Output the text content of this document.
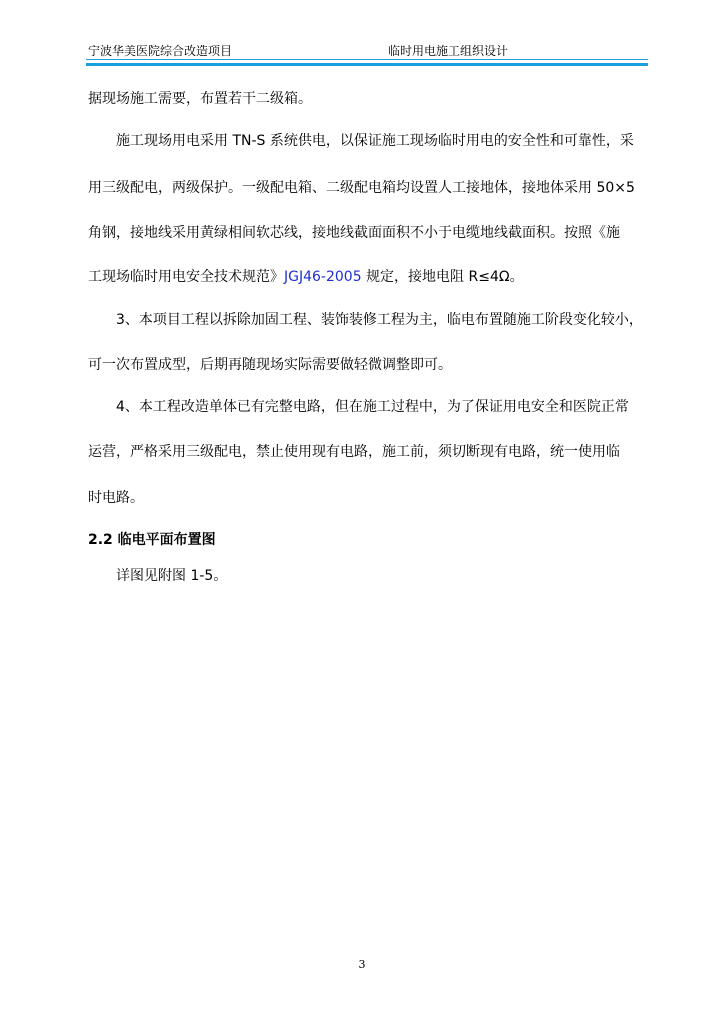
宁波华美医院综合改造项目	临时用电施工组织设计
据现场施工需要，布置若干二级箱。
施工现场用电采用 TN-S 系统供电，以保证施工现场临时用电的安全性和可靠性，采
用三级配电，两级保护。一级配电箱、二级配电箱均设置人工接地体，接地体采用 50×5
角钢，接地线采用黄绿相间软芯线，接地线截面面积不小于电缆地线截面积。按照《施
工现场临时用电安全技术规范》JGJ46-2005 规定，接地电阻 R≤4Ω。
3、本项目工程以拆除加固工程、装饰装修工程为主，临电布置随施工阶段变化较小，
可一次布置成型，后期再随现场实际需要做轻微调整即可。
4、本工程改造单体已有完整电路，但在施工过程中，为了保证用电安全和医院正常
运营，严格采用三级配电，禁止使用现有电路，施工前，须切断现有电路，统一使用临
时电路。
2.2 临电平面布置图
详图见附图 1-5。
3
